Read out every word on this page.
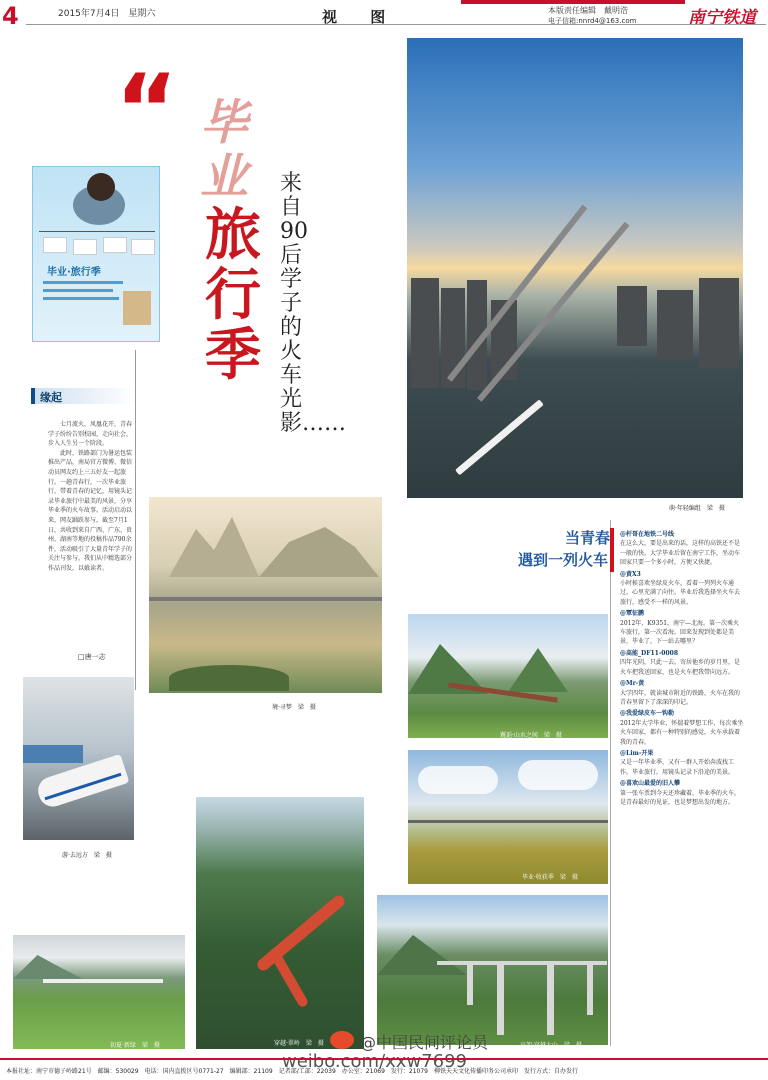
4	2015年7月4日　星期六	视 图	本版责任编辑　戴明浩
电子信箱:nnrd4@163.com	南宁铁道
“ 毕业
旅行季
来自90后学子的火车光影……
毕业·旅行季
缘起

七月流火，凤凰花开，青春学子纷纷告别校园，走向社会，步入人生另一个阶段。

此时，铁路部门为暑运包装推出产品，南局官方微博、微信动员网友约上三五好友一起旅行。一趟青春行，一次毕业旅行，带着青春的记忆，用镜头记录毕业旅行中最美的风景，分享毕业季的火车故事。活动启动以来，网友踊跃参与，截至7月1日，共收到来自广西、广东、贵州、湖南等地的投稿作品790余件，活动吸引了大量青年学子的关注与参与，我们从中精选部分作品刊发，以飨读者。

□唐一志
萌·年轻编组　梁　摄
境·寻梦　梁　摄
游·去远方　梁　摄
邂逅·山水之间　梁　摄
毕业·收获季　梁　摄
初夏·新绿　梁　摄	穿越·翠岭　梁　摄	高架·穿越大山　梁　摄
当青春
遇到一列火车

@杆哥在地铁二号线
在这么大，要是出来的话，这样的高铁还不是一般的快。大学毕业后留在南宁工作，坐动车回家只要一个多小时，方便又快捷。

@黄X3
小时候喜欢坐绿皮火车，看着一列列火车通过，心里充满了向往。毕业后我选择坐火车去旅行，感受不一样的风景。

@覃征鹏
2012年，K9351，南宁—北海。第一次乘火车旅行，第一次看海。回来发现到处都是美景，毕业了，下一站去哪里？

@高能_DF11-0008
四年光阴，只此一去。寄居他乡的岁月里，是火车把我送回家，也是火车把我带向远方。

@Mr-黄
大学四年，就读城市附近的铁路，火车在我的青春里留下了深深的印记。

@我爱绿皮车一钩勒
2012年大学毕业，怀揣着梦想工作，每次乘坐火车回家，都有一种特别的感觉，火车承载着我的青春。

@Lim-开果
又是一年毕业季，又有一群人开始奔波找工作。毕业旅行，用镜头记录下沿途的美景。

@喜欢山最爱的旧人攀
第一张车票到今天还珍藏着，毕业季的火车，是青春最好的见证，也是梦想出发的地方。

@中国民间评论员
weibo.com/xxw7699
本报社址：南宁市德子岭路21号　邮编：530029　电话：国内直拨区号0771-27　编辑部：21109　记者部/工部：22039　办公室：21069　发行：21079　柳铁天天文化传播印务公司承印　发行方式：自办发行
